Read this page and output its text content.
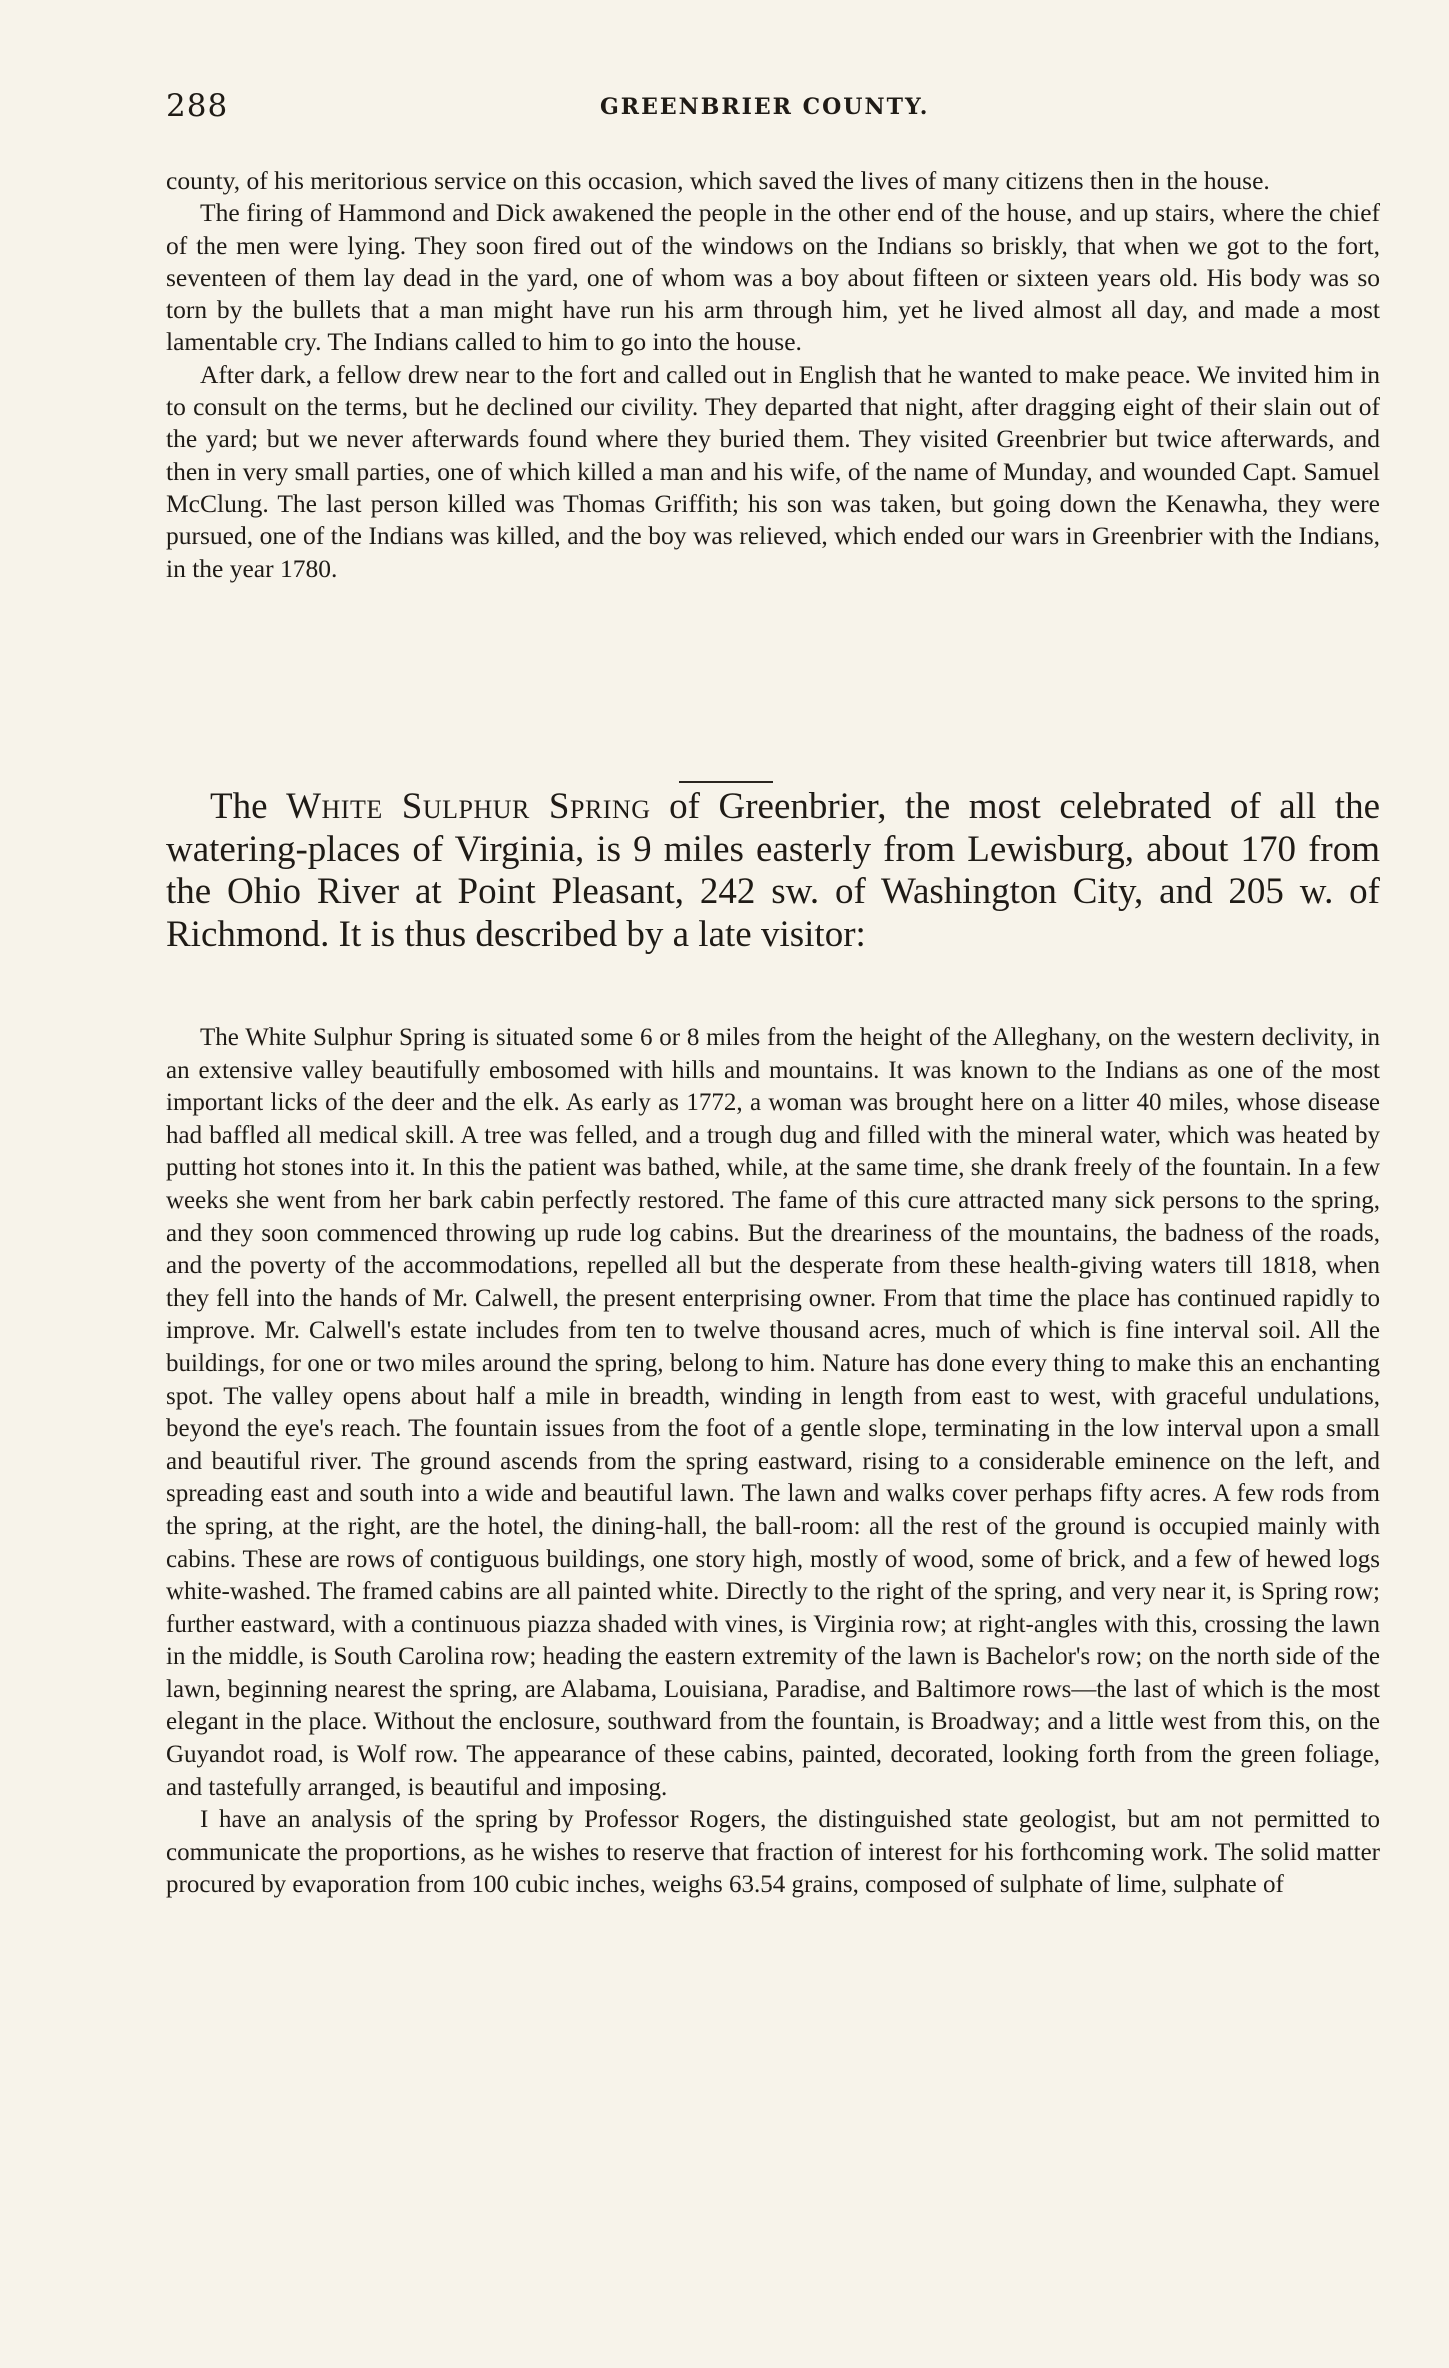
288	GREENBRIER COUNTY.

county, of his meritorious service on this occasion, which saved the lives of many citizens then in the house.

The firing of Hammond and Dick awakened the people in the other end of the house, and up stairs, where the chief of the men were lying. They soon fired out of the windows on the Indians so briskly, that when we got to the fort, seventeen of them lay dead in the yard, one of whom was a boy about fifteen or sixteen years old. His body was so torn by the bullets that a man might have run his arm through him, yet he lived almost all day, and made a most lamentable cry. The Indians called to him to go into the house.

After dark, a fellow drew near to the fort and called out in English that he wanted to make peace. We invited him in to consult on the terms, but he declined our civility. They departed that night, after dragging eight of their slain out of the yard; but we never afterwards found where they buried them. They visited Greenbrier but twice afterwards, and then in very small parties, one of which killed a man and his wife, of the name of Munday, and wounded Capt. Samuel McClung. The last person killed was Thomas Griffith; his son was taken, but going down the Kenawha, they were pursued, one of the Indians was killed, and the boy was relieved, which ended our wars in Greenbrier with the Indians, in the year 1780.

The White Sulphur Spring of Greenbrier, the most celebrated of all the watering-places of Virginia, is 9 miles easterly from Lewisburg, about 170 from the Ohio River at Point Pleasant, 242 sw. of Washington City, and 205 w. of Richmond. It is thus described by a late visitor:

The White Sulphur Spring is situated some 6 or 8 miles from the height of the Alleghany, on the western declivity, in an extensive valley beautifully embosomed with hills and mountains. It was known to the Indians as one of the most important licks of the deer and the elk. As early as 1772, a woman was brought here on a litter 40 miles, whose disease had baffled all medical skill. A tree was felled, and a trough dug and filled with the mineral water, which was heated by putting hot stones into it. In this the patient was bathed, while, at the same time, she drank freely of the fountain. In a few weeks she went from her bark cabin perfectly restored. The fame of this cure attracted many sick persons to the spring, and they soon commenced throwing up rude log cabins. But the dreariness of the mountains, the badness of the roads, and the poverty of the accommodations, repelled all but the desperate from these health-giving waters till 1818, when they fell into the hands of Mr. Calwell, the present enterprising owner. From that time the place has continued rapidly to improve. Mr. Calwell's estate includes from ten to twelve thousand acres, much of which is fine interval soil. All the buildings, for one or two miles around the spring, belong to him. Nature has done every thing to make this an enchanting spot. The valley opens about half a mile in breadth, winding in length from east to west, with graceful undulations, beyond the eye's reach. The fountain issues from the foot of a gentle slope, terminating in the low interval upon a small and beautiful river. The ground ascends from the spring eastward, rising to a considerable eminence on the left, and spreading east and south into a wide and beautiful lawn. The lawn and walks cover perhaps fifty acres. A few rods from the spring, at the right, are the hotel, the dining-hall, the ball-room: all the rest of the ground is occupied mainly with cabins. These are rows of contiguous buildings, one story high, mostly of wood, some of brick, and a few of hewed logs white-washed. The framed cabins are all painted white. Directly to the right of the spring, and very near it, is Spring row; further eastward, with a continuous piazza shaded with vines, is Virginia row; at right-angles with this, crossing the lawn in the middle, is South Carolina row; heading the eastern extremity of the lawn is Bachelor's row; on the north side of the lawn, beginning nearest the spring, are Alabama, Louisiana, Paradise, and Baltimore rows—the last of which is the most elegant in the place. Without the enclosure, southward from the fountain, is Broadway; and a little west from this, on the Guyandot road, is Wolf row. The appearance of these cabins, painted, decorated, looking forth from the green foliage, and tastefully arranged, is beautiful and imposing.

I have an analysis of the spring by Professor Rogers, the distinguished state geologist, but am not permitted to communicate the proportions, as he wishes to reserve that fraction of interest for his forthcoming work. The solid matter procured by evaporation from 100 cubic inches, weighs 63.54 grains, composed of sulphate of lime, sulphate of
